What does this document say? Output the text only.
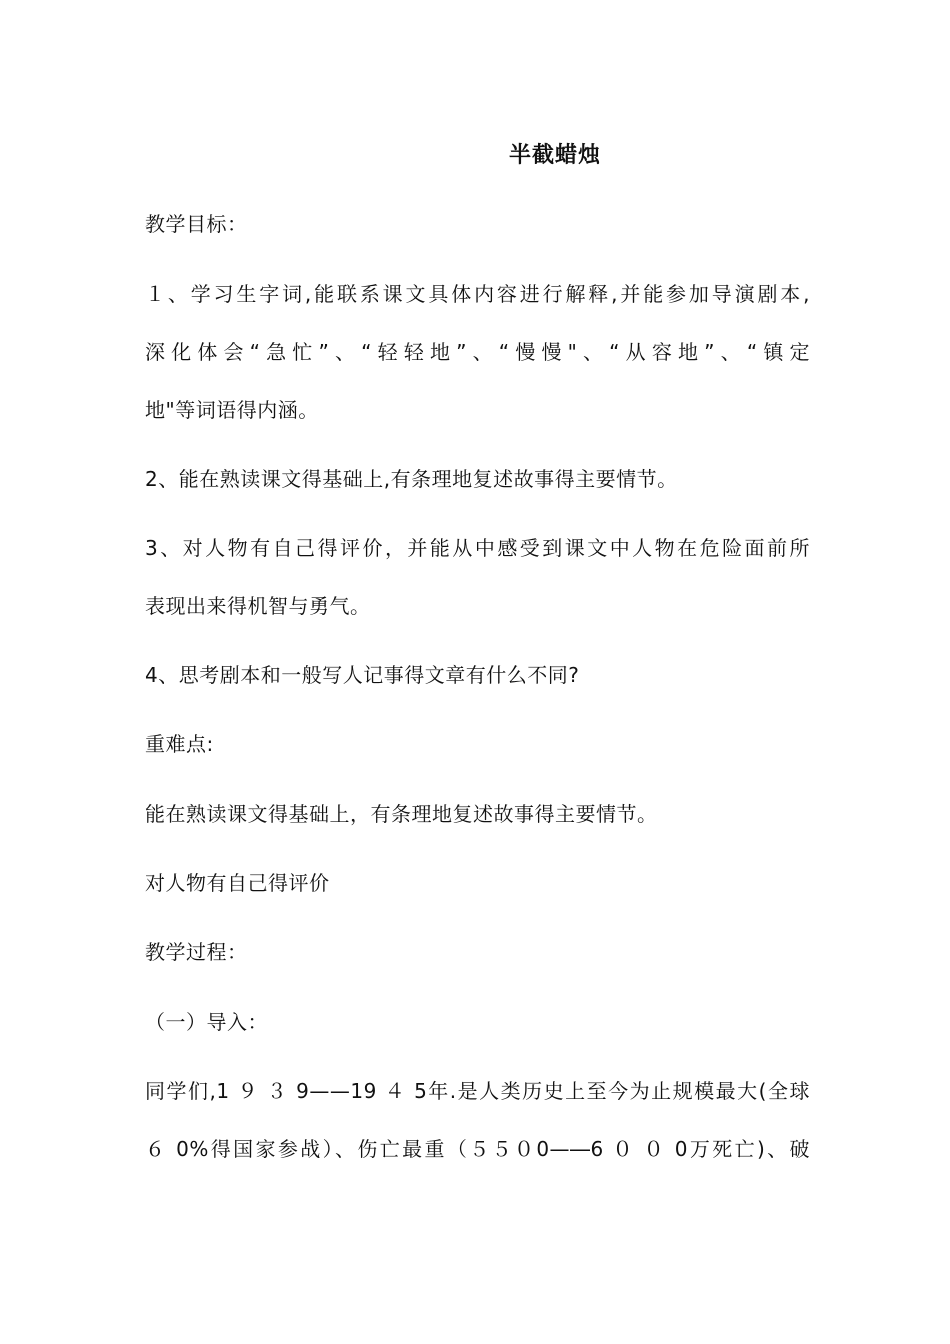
半截蜡烛
教学目标：
１、学习生字词,能联系课文具体内容进行解释,并能参加导演剧本,
深化体会“急忙”、“轻轻地”、“慢慢"、“从容地”、“镇定
地"等词语得内涵。
2、能在熟读课文得基础上,有条理地复述故事得主要情节。
3、对人物有自己得评价，并能从中感受到课文中人物在危险面前所
表现出来得机智与勇气。
4、思考剧本和一般写人记事得文章有什么不同?
重难点:
能在熟读课文得基础上，有条理地复述故事得主要情节。
对人物有自己得评价
教学过程：
（一）导入：
同学们,1 ９ ３ 9——19 ４ 5年.是人类历史上至今为止规模最大(全球
６ 0%得国家参战）、伤亡最重（５５０0—―6 ０ ０ 0万死亡)、破
